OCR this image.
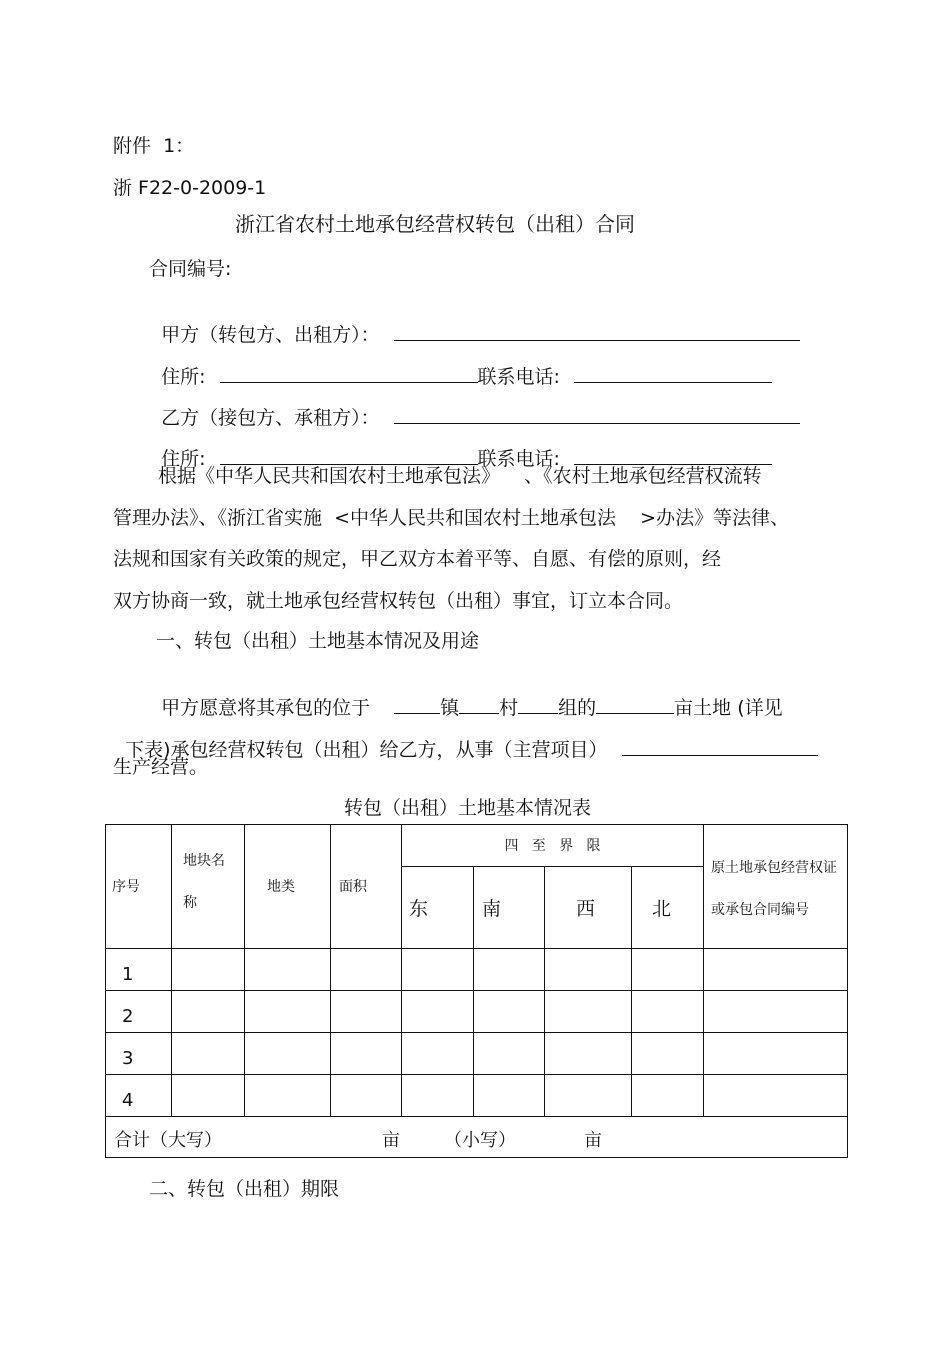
附件  1：
浙 F22-0-2009-1
浙江省农村土地承包经营权转包（出租）合同
合同编号:

甲方（转包方、出租方）：

住所:	联系电话:

乙方（接包方、承租方）：

住所:	联系电话:

根据《中华人民共和国农村土地承包法》    、《农村土地承包经营权流转
管理办法》、《浙江省实施  <中华人民共和国农村土地承包法    >办法》等法律、
法规和国家有关政策的规定，甲乙双方本着平等、自愿、有偿的原则，经
双方协商一致，就土地承包经营权转包（出租）事宜，订立本合同。
一、转包（出租）土地基本情况及用途

甲方愿意将其承包的位于	镇 村 组的	亩土地 (详见

下表)承包经营权转包（出租）给乙方，从事（主营项目）

生产经营。
转包（出租）土地基本情况表
序号	地块名称	地类	面积	四   至   界   限				原土地承包经营权证或承包合同编号
				东	南	西	北	
1								
2								
3								
4								

合计（大写） 亩 （小写） 亩								
二、转包（出租）期限
